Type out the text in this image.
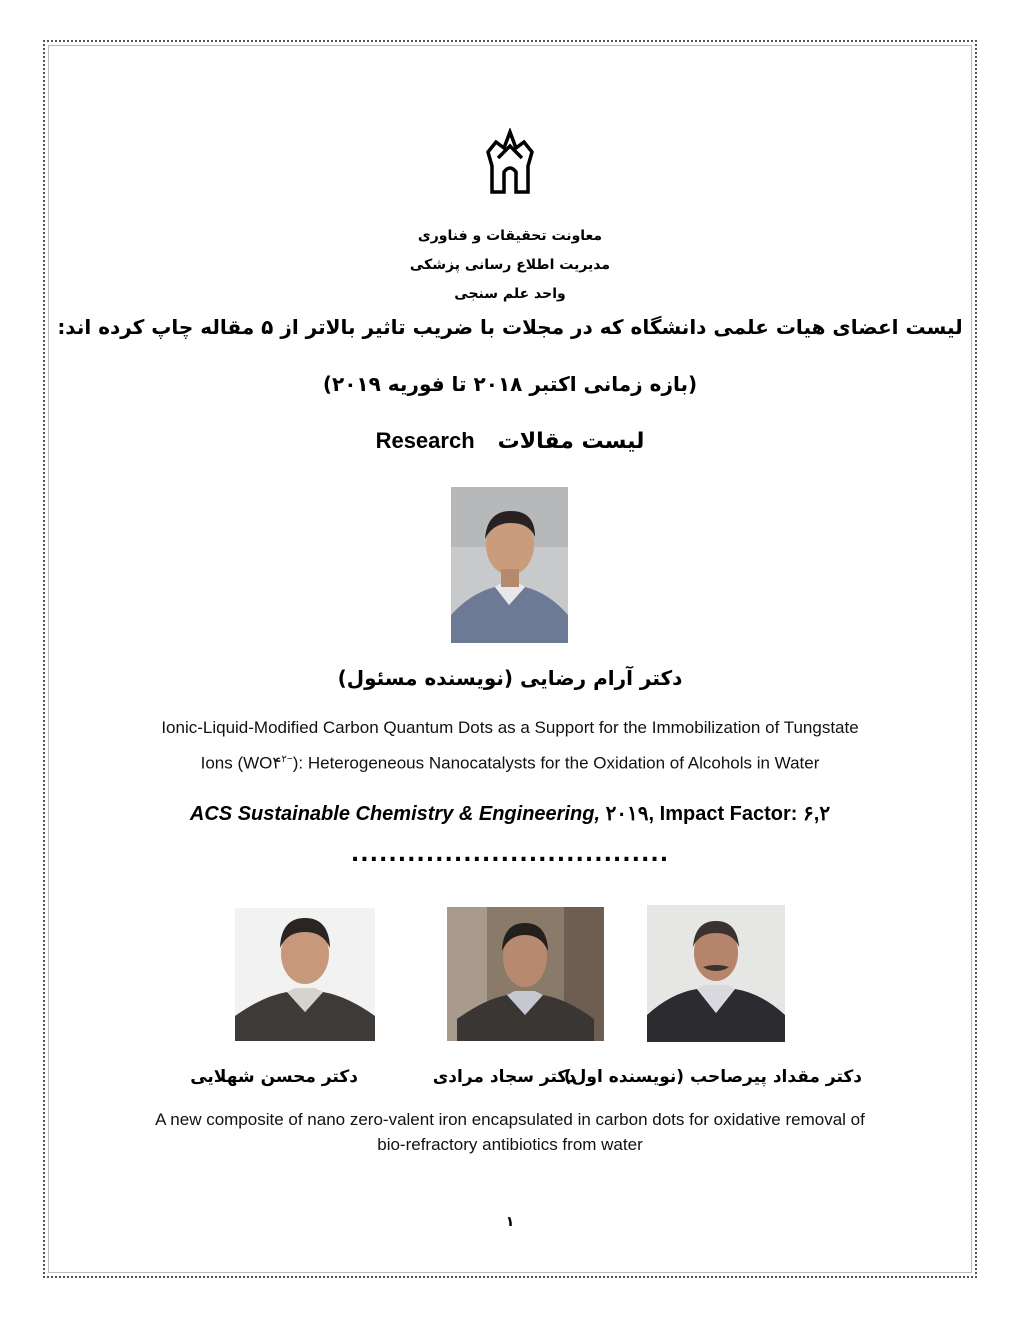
معاونت تحقیقات و فناوری
مدیریت اطلاع رسانی پزشکی
واحد علم سنجی
لیست اعضای هیات علمی دانشگاه که در مجلات با ضریب تاثیر بالاتر از ۵ مقاله چاپ کرده اند:
(بازه زمانی اکتبر ۲۰۱۸ تا فوریه ۲۰۱۹)
Research لیست مقالات
دکتر آرام رضایی (نویسنده مسئول)
Ionic-Liquid-Modified Carbon Quantum Dots as a Support for the Immobilization of Tungstate
Ions $(WO۴^{۲-})$: Heterogeneous Nanocatalysts for the Oxidation of Alcohols in Water
ACS Sustainable Chemistry & Engineering, ۲۰۱۹, Impact Factor: ۶,۲
..................................
دکتر مقداد پیرصاحب (نویسنده اول)
دکتر سجاد مرادی
دکتر محسن شهلایی
A new composite of nano zero-valent iron encapsulated in carbon dots for oxidative removal of
bio-refractory antibiotics from water
۱
